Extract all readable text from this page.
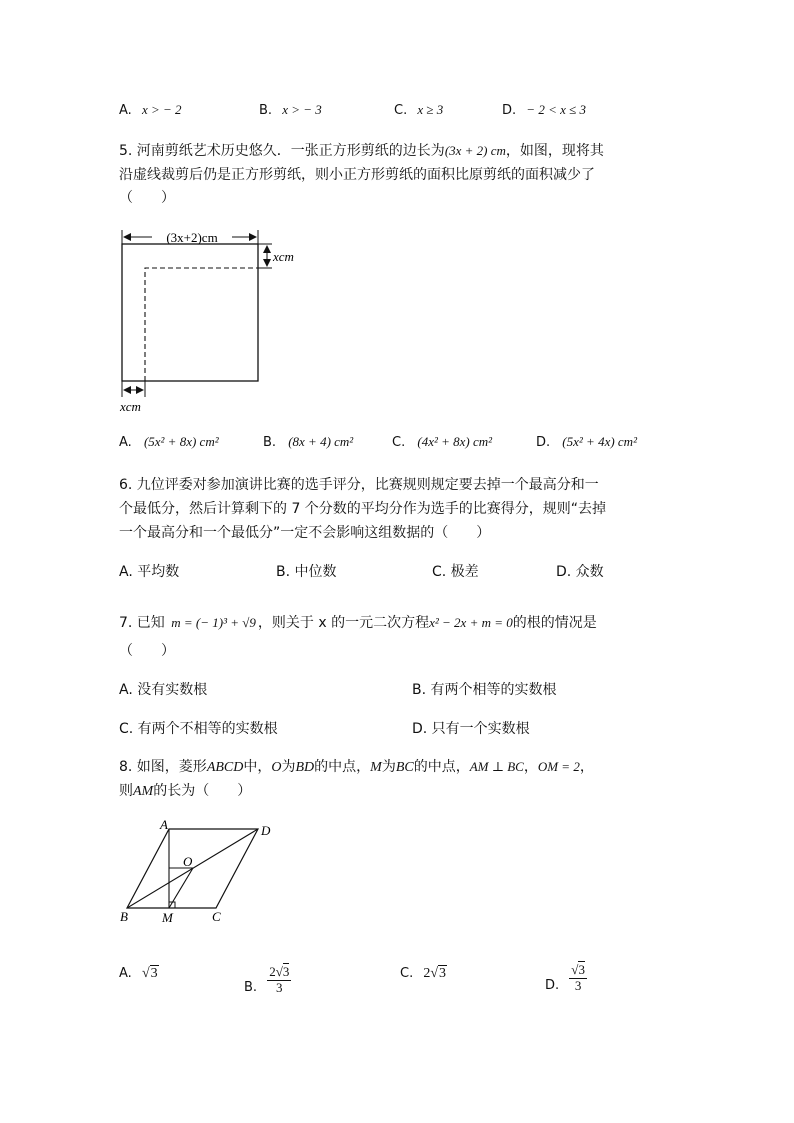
A. x > − 2	B. x > − 3	C. x ≥ 3	D. − 2 < x ≤ 3
5. 河南剪纸艺术历史悠久．一张正方形剪纸的边长为(3x + 2) cm，如图，现将其
沿虚线裁剪后仍是正方形剪纸，则小正方形剪纸的面积比原剪纸的面积减少了
（　　）
(3x+2)cm
xcm
xcm
A. (5x² + 8x) cm²	B. (8x + 4) cm²	C. (4x² + 8x) cm²	D. (5x² + 4x) cm²
6. 九位评委对参加演讲比赛的选手评分，比赛规则规定要去掉一个最高分和一
个最低分，然后计算剩下的 7 个分数的平均分作为选手的比赛得分，规则“去掉
一个最高分和一个最低分”一定不会影响这组数据的（　　）
A. 平均数	B. 中位数	C. 极差	D. 众数
7. 已知 m = (− 1)³ + √9 ，则关于 x 的一元二次方程x² − 2x + m = 0的根的情况是
（　　）
A. 没有实数根	B. 有两个相等的实数根
C. 有两个不相等的实数根	D. 只有一个实数根
8. 如图，菱形ABCD中，O为BD的中点，M为BC的中点，AM ⊥ BC，OM = 2，
则AM的长为（　　）
A	D
O
B	M	C
A. √3
B. $\frac{2√3}{3}$	C. 2√3
D. $\frac{√3}{3}$
